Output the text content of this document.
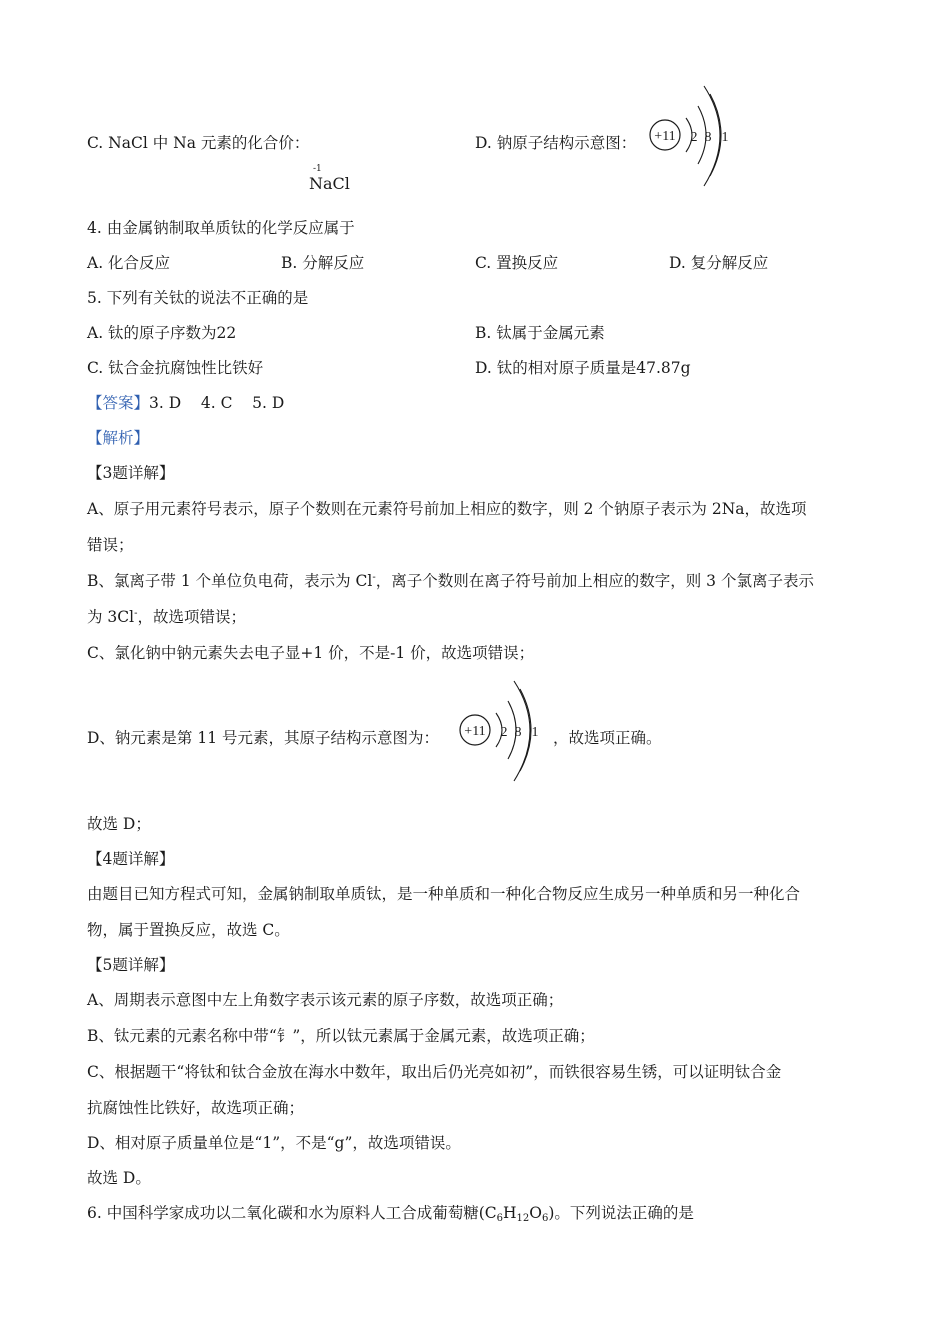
C. NaCl 中 Na 元素的化合价：	D. 钠原子结构示意图：
-1
NaCl
+11 2 8 1
4. 由金属钠制取单质钛的化学反应属于
A. 化合反应	B. 分解反应	C. 置换反应	D. 复分解反应
5. 下列有关钛的说法不正确的是
A. 钛的原子序数为22	B. 钛属于金属元素
C. 钛合金抗腐蚀性比铁好	D. 钛的相对原子质量是47.87g
【答案】3. D    4. C    5. D
【解析】
【3题详解】
A、原子用元素符号表示，原子个数则在元素符号前加上相应的数字，则 2 个钠原子表示为 2Na，故选项
错误；
B、氯离子带 1 个单位负电荷，表示为 Cl-，离子个数则在离子符号前加上相应的数字，则 3 个氯离子表示
为 3Cl-，故选项错误；
C、氯化钠中钠元素失去电子显+1 价，不是-1 价，故选项错误；
D、钠元素是第 11 号元素，其原子结构示意图为：	，故选项正确。
+11 2 8 1
故选 D；
【4题详解】
由题目已知方程式可知，金属钠制取单质钛，是一种单质和一种化合物反应生成另一种单质和另一种化合
物，属于置换反应，故选 C。
【5题详解】
A、周期表示意图中左上角数字表示该元素的原子序数，故选项正确；
B、钛元素的元素名称中带“钅”，所以钛元素属于金属元素，故选项正确；
C、根据题干“将钛和钛合金放在海水中数年，取出后仍光亮如初”，而铁很容易生锈，可以证明钛合金
抗腐蚀性比铁好，故选项正确；
D、相对原子质量单位是“1”，不是“g”，故选项错误。
故选 D。
6. 中国科学家成功以二氧化碳和水为原料人工合成葡萄糖$(C_6H_{12}O_6)$。下列说法正确的是
